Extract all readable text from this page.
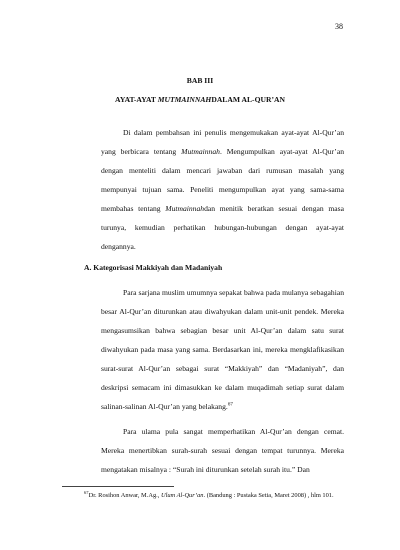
38
BAB III
AYAT-AYAT MUTMAINNAHDALAM AL-QUR’AN

Di dalam pembahsan ini penulis mengemukakan ayat-ayat Al-Qur’an yang berbicara tentang Mutmainnah. Mengumpulkan ayat-ayat Al-Qur’an dengan menteliti dalam mencari jawaban dari rumusan masalah yang mempunyai tujuan sama. Peneliti mengumpulkan ayat yang sama-sama membahas tentang Mutmainnahdan menitik beratkan sesuai dengan masa turunya, kemudian perhatikan hubungan-hubungan dengan ayat-ayat dengannya.

A. Kategorisasi Makkiyah dan Madaniyah

Para sarjana muslim umumnya sepakat bahwa pada mulanya sebagahian besar Al-Qur’an diturunkan atau diwahyukan dalam unit-unit pendek. Mereka mengasumsikan bahwa sebagian besar unit Al-Qur’an dalam satu surat diwahyukan pada masa yang sama. Berdasarkan ini, mereka mengklafikasikan surat-surat Al-Qur’an sebagai surat “Makkiyah” dan “Madaniyah”, dan deskripsi semacam ini dimasukkan ke dalam muqadimah setiap surat dalam salinan-salinan Al-Qur’an yang belakang.$^{67}$

Para ulama pula sangat memperhatikan Al-Qur’an dengan cemat. Mereka menertibkan surah-surah sesuai dengan tempat turunnya. Mereka mengatakan misalnya : “Surah ini diturunkan setelah surah itu.” Dan

$^{67}$Dr. Rosihon Anwar, M.Ag., Ulum Al-Qur’an. (Bandung : Pustaka Setia, Maret 2008) , hlm 101.
